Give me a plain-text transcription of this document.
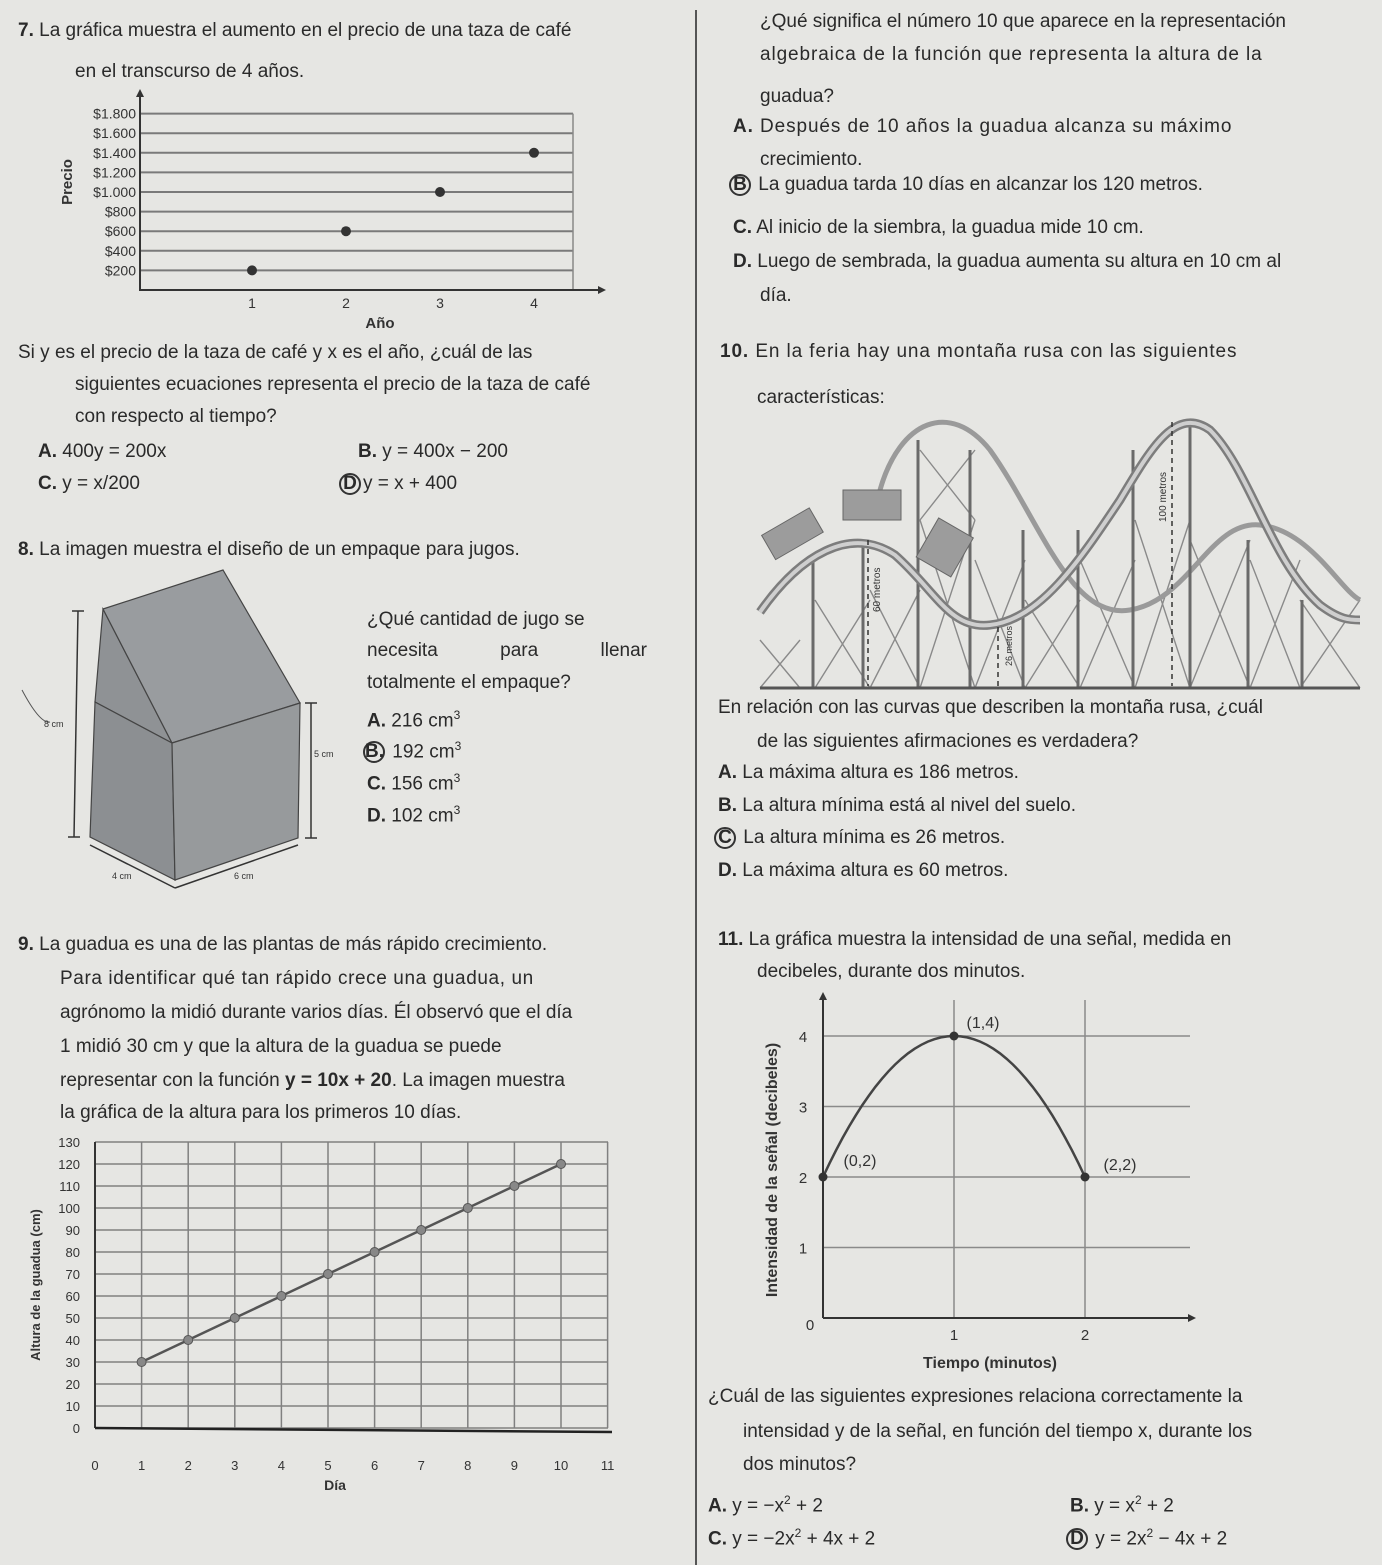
7. La gráfica muestra el aumento en el precio de una taza de café
en el transcurso de 4 años.
$200
$400
$600
$800
$1.000
$1.200
$1.400
$1.600
$1.800
1	2	3	4
Año
Precio
Si y es el precio de la taza de café y x es el año, ¿cuál de las
siguientes ecuaciones representa el precio de la taza de café
con respecto al tiempo?
A. 400y = 200x	B. y = 400x − 200
C. y = x/200	D y = x + 400
8. La imagen muestra el diseño de un empaque para jugos.
8 cm
5 cm
4 cm	6 cm
¿Qué cantidad de jugo se
necesita	para	llenar
totalmente el empaque?
A. 216 $cm^3$
B. 192 $cm^3$
C. 156 $cm^3$
D. 102 $cm^3$
9. La guadua es una de las plantas de más rápido crecimiento.
Para identificar qué tan rápido crece una guadua, un
agrónomo la midió durante varios días. Él observó que el día
1 midió 30 cm y que la altura de la guadua se puede
representar con la función y = 10x + 20. La imagen muestra
la gráfica de la altura para los primeros 10 días.
0
10
20
30
40
50
60
70
80
90
100
110
120
130
0	1	2	3	4	5	6	7	8	9	10	11
Día
Altura de la guadua (cm)
¿Qué significa el número 10 que aparece en la representación
algebraica de la función que representa la altura de la
guadua?
A. Después de 10 años la guadua alcanza su máximo
crecimiento.
B La guadua tarda 10 días en alcanzar los 120 metros.
C. Al inicio de la siembra, la guadua mide 10 cm.
D. Luego de sembrada, la guadua aumenta su altura en 10 cm al
día.
10. En la feria hay una montaña rusa con las siguientes
características:
60 metros
26 metros
100 metros
En relación con las curvas que describen la montaña rusa, ¿cuál
de las siguientes afirmaciones es verdadera?
A. La máxima altura es 186 metros.
B. La altura mínima está al nivel del suelo.
C La altura mínima es 26 metros.
D. La máxima altura es 60 metros.
11. La gráfica muestra la intensidad de una señal, medida en
decibeles, durante dos minutos.
1
2
3
4
0
1	2
(0,2)
(1,4)
(2,2)
Tiempo (minutos)
Intensidad de la señal (decibeles)
¿Cuál de las siguientes expresiones relaciona correctamente la
intensidad y de la señal, en función del tiempo x, durante los
dos minutos?
A. $y = -x^2 + 2$	B. $y = x^2 + 2$
C. $y = -2x^2 + 4x + 2$	D $y = 2x^2 - 4x + 2$
